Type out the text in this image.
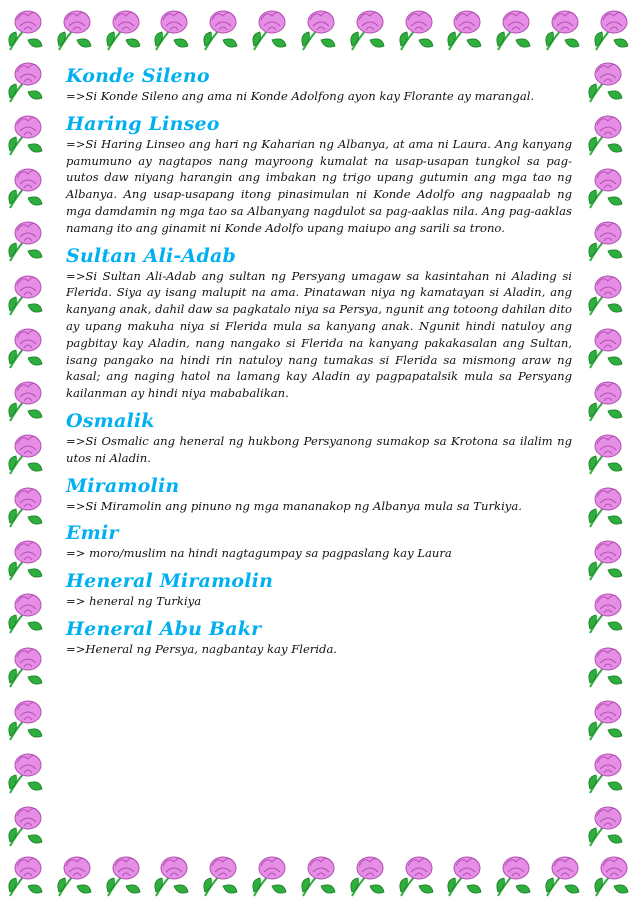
Konde Sileno

=>Si Konde Sileno ang ama ni Konde Adolfong ayon kay Florante ay marangal.

Haring Linseo

=>Si Haring Linseo ang hari ng Kaharian ng Albanya, at ama ni Laura. Ang kanyang pamumuno ay nagtapos nang mayroong kumalat na usap-usapan tungkol sa pag-uutos daw niyang harangin ang imbakan ng trigo upang gutumin ang mga tao ng Albanya. Ang usap-usapang itong pinasimulan ni Konde Adolfo ang nagpaalab ng mga damdamin ng mga tao sa Albanyang nagdulot sa pag-aaklas nila. Ang pag-aaklas namang ito ang ginamit ni Konde Adolfo upang maiupo ang sarili sa trono.

Sultan Ali-Adab

=>Si Sultan Ali-Adab ang sultan ng Persyang umagaw sa kasintahan ni Alading si Flerida. Siya ay isang malupit na ama. Pinatawan niya ng kamatayan si Aladin, ang kanyang anak, dahil daw sa pagkatalo niya sa Persya, ngunit ang totoong dahilan dito ay upang makuha niya si Flerida mula sa kanyang anak. Ngunit hindi natuloy ang pagbitay kay Aladin, nang nangako si Flerida na kanyang pakakasalan ang Sultan, isang pangako na hindi rin natuloy nang tumakas si Flerida sa mismong araw ng kasal; ang naging hatol na lamang kay Aladin ay pagpapatalsik mula sa Persyang kailanman ay hindi niya mababalikan.

Osmalik

=>Si Osmalic ang heneral ng hukbong Persyanong sumakop sa Krotona sa ilalim ng utos ni Aladin.

Miramolin

=>Si Miramolin ang pinuno ng mga mananakop ng Albanya mula sa Turkiya.

Emir

=> moro/muslim na hindi nagtagumpay sa pagpaslang kay Laura

Heneral Miramolin

=> heneral ng Turkiya

Heneral Abu Bakr

=>Heneral ng Persya, nagbantay kay Flerida.
